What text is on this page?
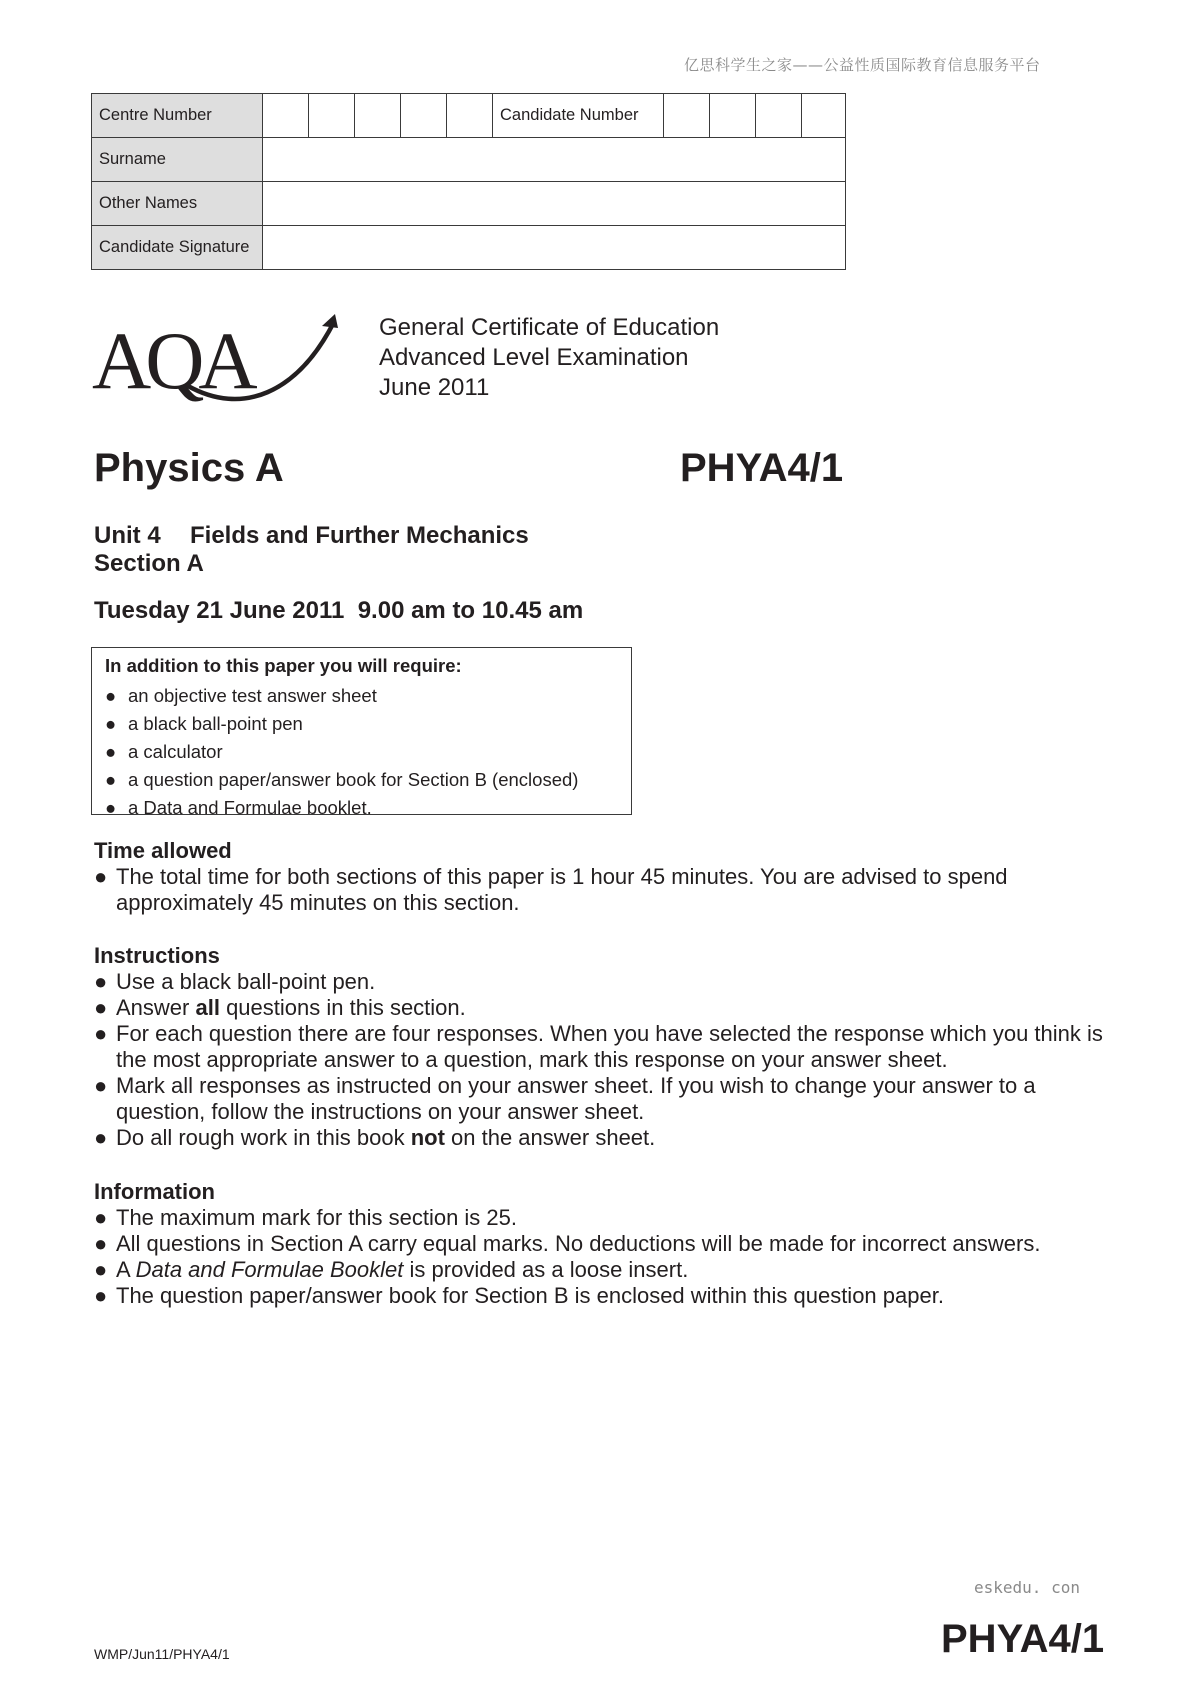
亿思科学生之家——公益性质国际教育信息服务平台
Centre Number						Candidate Number				
Surname										
Other Names										
Candidate Signature										
AQA	General Certificate of Education
Advanced Level Examination
June 2011
Physics A	PHYA4/1
Unit 4 Fields and Further Mechanics
Section A
Tuesday 21 June 2011  9.00 am to 10.45 am
In addition to this paper you will require:
● an objective test answer sheet
● a black ball-point pen
● a calculator
● a question paper/answer book for Section B (enclosed)
● a Data and Formulae booklet.
Time allowed
● The total time for both sections of this paper is 1 hour 45 minutes. You are advised to spend approximately 45 minutes on this section.
Instructions
● Use a black ball-point pen.
● Answer all questions in this section.
● For each question there are four responses. When you have selected the response which you think is the most appropriate answer to a question, mark this response on your answer sheet.
● Mark all responses as instructed on your answer sheet. If you wish to change your answer to a question, follow the instructions on your answer sheet.
● Do all rough work in this book not on the answer sheet.
Information
● The maximum mark for this section is 25.
● All questions in Section A carry equal marks. No deductions will be made for incorrect answers.
● A Data and Formulae Booklet is provided as a loose insert.
● The question paper/answer book for Section B is enclosed within this question paper.
eskedu. con
WMP/Jun11/PHYA4/1	PHYA4/1
